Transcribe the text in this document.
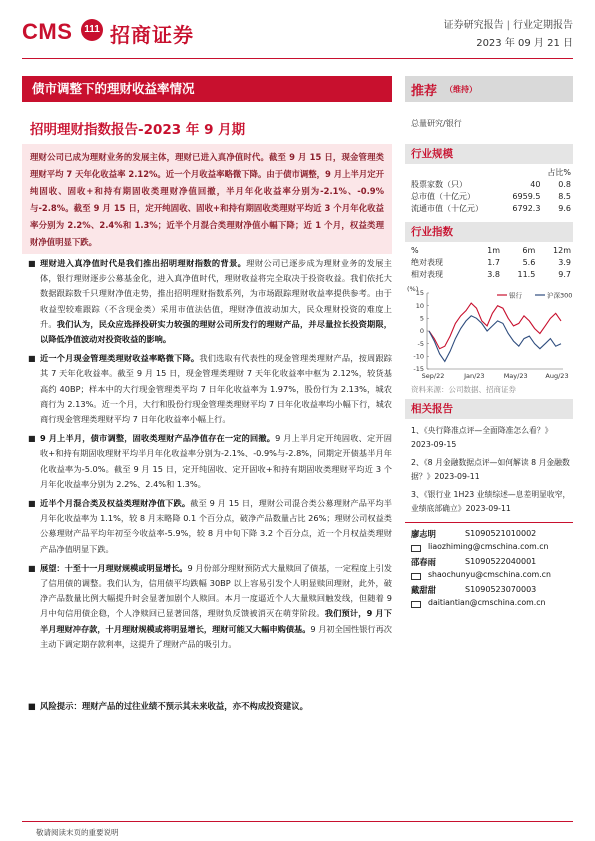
CMS	111 招商证券	证券研究报告 | 行业定期报告
2023 年 09 月 21 日
债市调整下的理财收益率情况
招明理财指数报告-2023 年 9 月期
理财公司已成为理财业务的发展主体，理财已进入真净值时代。截至 9 月 15 日，现金管理类理财平均 7 天年化收益率 2.12%。近一个月收益率略微下降。由于债市调整，9 月上半月定开纯固收、固收+和持有期固收类理财净值回撤，半月年化收益率分别为-2.1%、-0.9%与-2.8%。截至 9 月 15 日，定开纯固收、固收+和持有期固收类理财平均近 3 个月年化收益率分别为 2.2%、2.4%和 1.3%；近半个月混合类理财净值小幅下降；近 1 个月，权益类理财净值明显下跌。
■ 理财进入真净值时代是我们推出招明理财指数的背景。理财公司已逐步成为理财业务的发展主体，银行理财逐步公募基金化，进入真净值时代，理财收益将完全取决于投资收益。我们依托大数据跟踪数千只理财净值走势，推出招明理财指数系列，为市场跟踪理财收益率提供参考。由于收益型较难跟踪（不含现金类）采用市值法估值，理财净值波动加大，民众理财投资的难度上升。我们认为，民众应选择投研实力较强的理财公司所发行的理财产品，并尽量拉长投资期限，以降低净值波动对投资收益的影响。
■ 近一个月现金管理类理财收益率略微下降。我们选取有代表性的现金管理类理财产品，按周跟踪其 7 天年化收益率。截至 9 月 15 日，现金管理类理财 7 天年化收益率中枢为 2.12%，较货基高约 40BP；样本中的大行现金管理类平均 7 日年化收益率为 1.97%，股份行为 2.13%，城农商行为 2.13%。近一个月，大行和股份行现金管理类理财平均 7 日年化收益率均小幅下行，城农商行现金管理类理财平均 7 日年化收益率小幅上行。
■ 9 月上半月，债市调整，固收类理财产品净值存在一定的回撤。9 月上半月定开纯固收、定开固收+和持有期固收理财平均半月年化收益率分别为-2.1%、-0.9%与-2.8%，同期定开债基半月年化收益率为-5.0%。截至 9 月 15 日，定开纯固收、定开固收+和持有期固收类理财平均近 3 个月年化收益率分别为 2.2%、2.4%和 1.3%。
■ 近半个月混合类及权益类理财净值下跌。截至 9 月 15 日，理财公司混合类公募理财产品平均半月年化收益率为 1.1%，较 8 月末略降 0.1 个百分点，破净产品数量占比 26%；理财公司权益类公募理财产品平均年初至今收益率-5.9%，较 8 月中旬下降 3.2 个百分点，近一个月权益类理财产品净值明显下跌。
■ 展望：十至十一月理财规模或明显增长。9 月份部分理财预防式大量赎回了债基，一定程度上引发了信用债的调整。我们认为，信用债平均跌幅 30BP 以上容易引发个人明显赎回理财，此外，破净产品数量比例大幅提升时会显著加剧个人赎回。本月一度逼近个人大量赎回触发线，但随着 9 月中旬信用债企稳，个人净赎回已显著回落，理财负反馈被消灭在萌芽阶段。我们预计，9 月下半月理财冲存款，十月理财规模或将明显增长，理财可能又大幅申购债基。9 月初全国性银行再次主动下调定期存款利率，这提升了理财产品的吸引力。
■ 风险提示：理财产品的过往业绩不预示其未来收益，亦不构成投资建议。
敬请阅读末页的重要说明
推荐 （维持）
总量研究/银行
行业规模
		占比%
股票家数（只）	40	0.8
总市值（十亿元）	6959.5	8.5
流通市值（十亿元）	6792.3	9.6
行业指数
%	1m	6m	12m
绝对表现	1.7	5.6	3.9
相对表现	3.8	11.5	9.7
(%)
15
10
5
0
-5
-10
-15
Sep/22	Jan/23	May/23	Aug/23
银行	沪深300
资料来源：公司数据、招商证券
相关报告
1、《央行降准点评—全面降准怎么看？》2023-09-15
2、《8 月金融数据点评—如何解读 8 月金融数据？》2023-09-11
3、《银行业 1H23 业绩综述—息差明显收窄，业绩底部确立》2023-09-11
廖志明	S1090521010002
liaozhiming@cmschina.com.cn
邵春雨	S1090522040001
shaochunyu@cmschina.com.cn
戴甜甜	S1090523070003
daitiantian@cmschina.com.cn
